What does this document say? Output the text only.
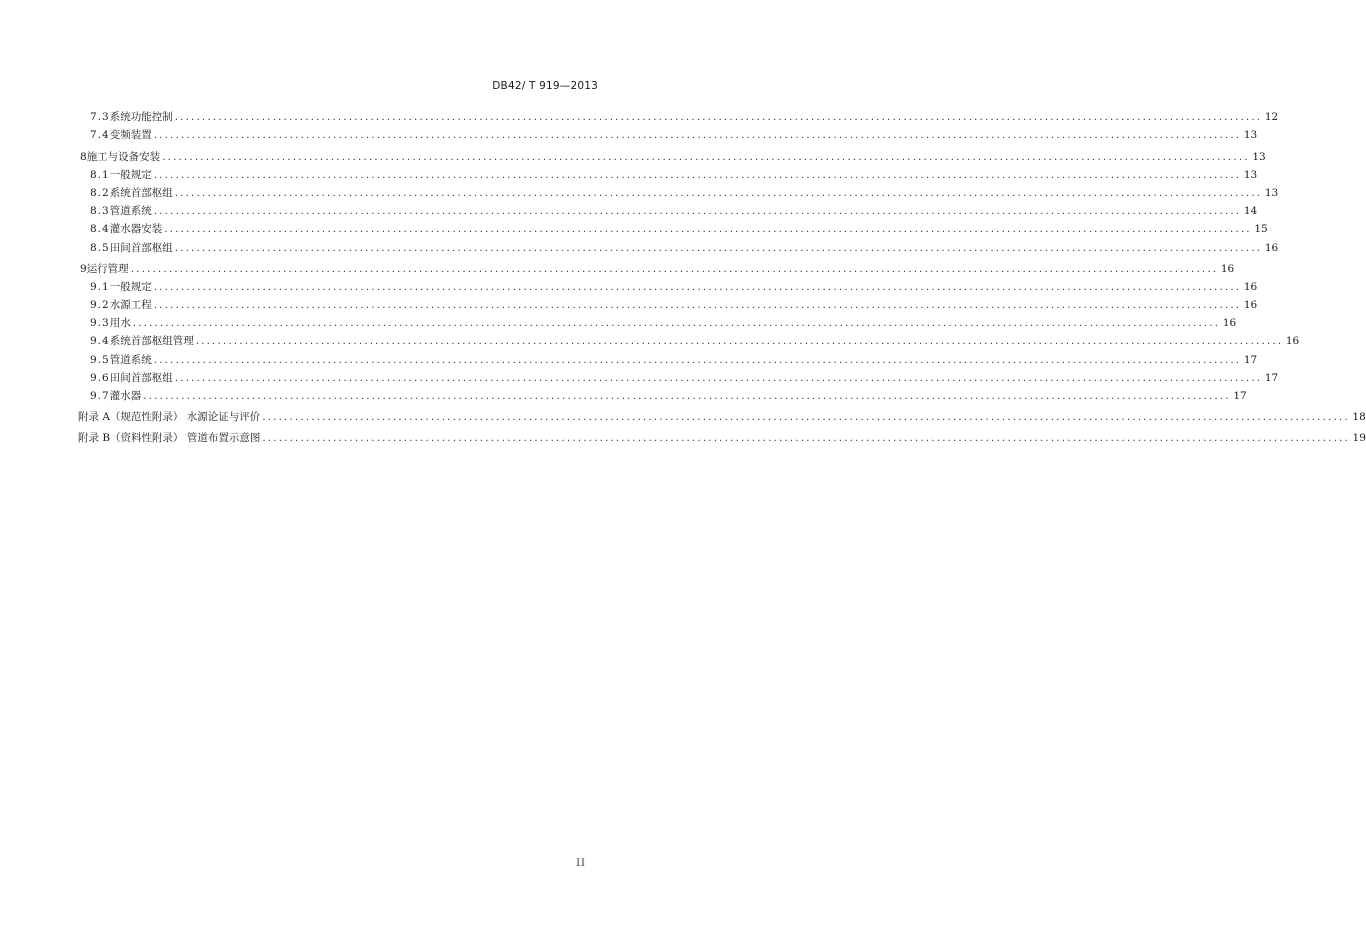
DB42/ T 919—2013
7.3 系统功能控制 ........................................................................................................................................................................................................ 12
7.4 变频装置 ........................................................................................................................................................................................................ 13
8 施工与设备安装 ........................................................................................................................................................................................................ 13
8.1 一般规定 ........................................................................................................................................................................................................ 13
8.2 系统首部枢组 ........................................................................................................................................................................................................ 13
8.3 管道系统 ........................................................................................................................................................................................................ 14
8.4 灌水器安装 ........................................................................................................................................................................................................ 15
8.5 田间首部枢组 ........................................................................................................................................................................................................ 16
9 运行管理 ........................................................................................................................................................................................................ 16
9.1 一般规定 ........................................................................................................................................................................................................ 16
9.2 水源工程 ........................................................................................................................................................................................................ 16
9.3 用水 ........................................................................................................................................................................................................ 16
9.4 系统首部枢组管理 ........................................................................................................................................................................................................ 16
9.5 管道系统 ........................................................................................................................................................................................................ 17
9.6 田间首部枢组 ........................................................................................................................................................................................................ 17
9.7 灌水器 ........................................................................................................................................................................................................ 17
附录 A（规范性附录） 水源论证与评价 ........................................................................................................................................................................................................ 18
附录 B（资料性附录） 管道布置示意图 ........................................................................................................................................................................................................ 19
II
